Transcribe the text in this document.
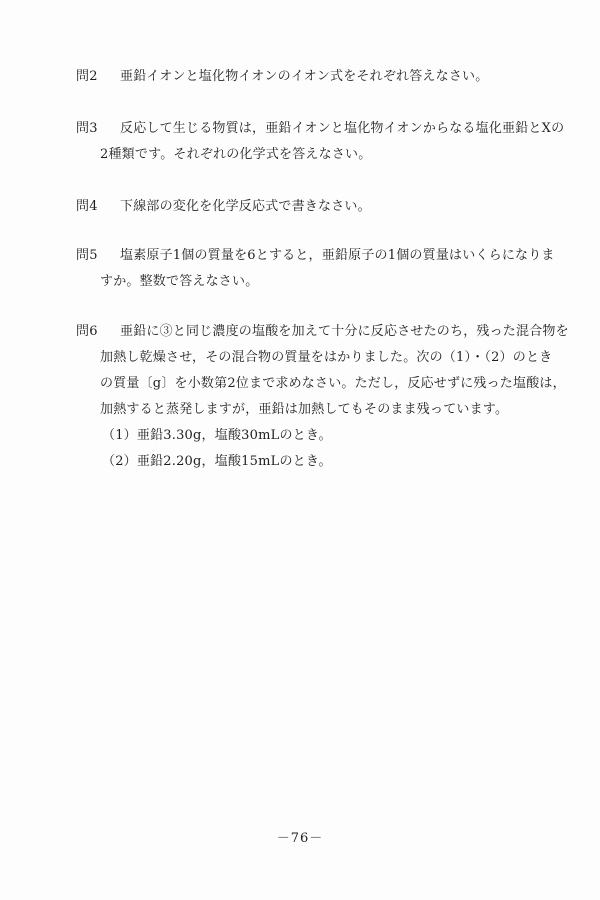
問2 亜鉛イオンと塩化物イオンのイオン式をそれぞれ答えなさい。
問3 反応して生じる物質は，亜鉛イオンと塩化物イオンからなる塩化亜鉛とXの
2種類です。それぞれの化学式を答えなさい。
問4 下線部の変化を化学反応式で書きなさい。
問5 塩素原子1個の質量を6とすると，亜鉛原子の1個の質量はいくらになりま
すか。整数で答えなさい。
問6 亜鉛に③と同じ濃度の塩酸を加えて十分に反応させたのち，残った混合物を
加熱し乾燥させ，その混合物の質量をはかりました。次の（1）・（2）のとき
の質量〔g〕を小数第2位まで求めなさい。ただし，反応せずに残った塩酸は，
加熱すると蒸発しますが，亜鉛は加熱してもそのまま残っています。
（1）亜鉛3.30g，塩酸30mLのとき。
（2）亜鉛2.20g，塩酸15mLのとき。
－76－
